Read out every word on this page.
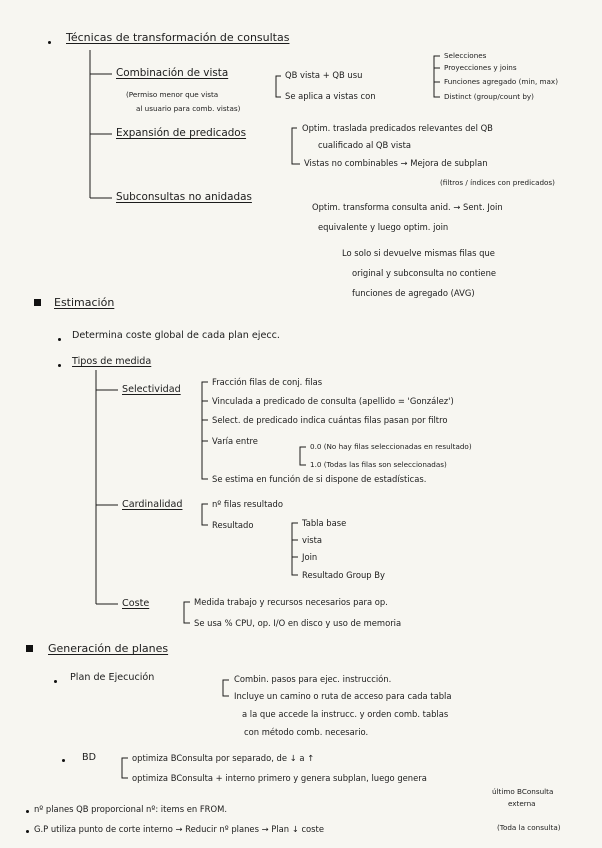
Técnicas de transformación de consultas
Combinación de vista
(Permiso menor que vista
al usuario para comb. vistas)
QB vista + QB usu
Se aplica a vistas con
Selecciones
Proyecciones y joins
Funciones agregado (min, max)
Distinct (group/count by)
Expansión de predicados	Optim. traslada predicados relevantes del QB
cualificado al QB vista
Vistas no combinables → Mejora de subplan
(filtros / índices con predicados)
Subconsultas no anidadas
Optim. transforma consulta anid. → Sent. Join
equivalente y luego optim. join
Lo solo si devuelve mismas filas que
original y subconsulta no contiene
funciones de agregado (AVG)
Estimación
Determina coste global de cada plan ejecc.
Tipos de medida
Selectividad
Fracción filas de conj. filas
Vinculada a predicado de consulta (apellido = 'González')
Select. de predicado indica cuántas filas pasan por filtro
Varía entre
0.0 (No hay filas seleccionadas en resultado)
1.0 (Todas las filas son seleccionadas)
Se estima en función de si dispone de estadísticas.
Cardinalidad	nº filas resultado
Resultado	Tabla base
vista
Join
Resultado Group By
Coste	Medida trabajo y recursos necesarios para op.
Se usa % CPU, op. I/O en disco y uso de memoria
Generación de planes
Plan de Ejecución	Combin. pasos para ejec. instrucción.
Incluye un camino o ruta de acceso para cada tabla
a la que accede la instrucc. y orden comb. tablas
con método comb. necesario.
BD	optimiza BConsulta por separado, de ↓ a ↑
optimiza BConsulta + interno primero y genera subplan, luego genera
último BConsulta
externa
nº planes QB proporcional nº: items en FROM.
G.P utiliza punto de corte interno → Reducir nº planes → Plan ↓ coste	(Toda la consulta)
